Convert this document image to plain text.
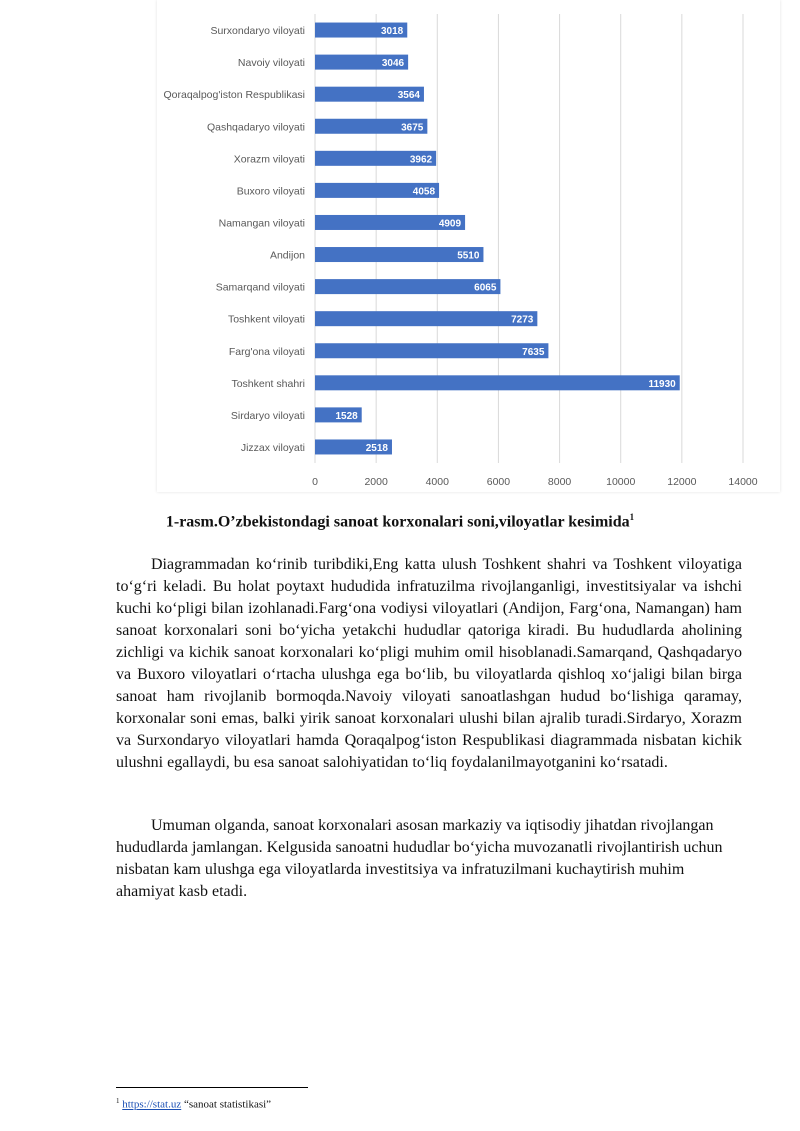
0	2000	4000	6000	8000	10000	12000	14000
Surxondaryo viloyati	3018
Navoiy viloyati	3046
Qoraqalpog'iston Respublikasi	3564
Qashqadaryo viloyati	3675
Xorazm viloyati	3962
Buxoro viloyati	4058
Namangan viloyati	4909
Andijon	5510
Samarqand viloyati	6065
Toshkent viloyati	7273
Farg'ona viloyati	7635
Toshkent shahri	11930
Sirdaryo viloyati	1528
Jizzax viloyati	2518
1-rasm.O’zbekistondagi sanoat korxonalari soni,viloyatlar kesimida$^1$

Diagrammadan ko‘rinib turibdiki,Eng katta ulush Toshkent shahri va Toshkent viloyatiga to‘g‘ri keladi. Bu holat poytaxt hududida infratuzilma rivojlanganligi, investitsiyalar va ishchi kuchi ko‘pligi bilan izohlanadi.Farg‘ona vodiysi viloyatlari (Andijon, Farg‘ona, Namangan) ham sanoat korxonalari soni bo‘yicha yetakchi hududlar qatoriga kiradi. Bu hududlarda aholining zichligi va kichik sanoat korxonalari ko‘pligi muhim omil hisoblanadi.Samarqand, Qashqadaryo va Buxoro viloyatlari o‘rtacha ulushga ega bo‘lib, bu viloyatlarda qishloq xo‘jaligi bilan birga sanoat ham rivojlanib bormoqda.Navoiy viloyati sanoatlashgan hudud bo‘lishiga qaramay, korxonalar soni emas, balki yirik sanoat korxonalari ulushi bilan ajralib turadi.Sirdaryo, Xorazm va Surxondaryo viloyatlari hamda Qoraqalpog‘iston Respublikasi diagrammada nisbatan kichik ulushni egallaydi, bu esa sanoat salohiyatidan to‘liq foydalanilmayotganini ko‘rsatadi.

Umuman olganda, sanoat korxonalari asosan markaziy va iqtisodiy jihatdan rivojlangan hududlarda jamlangan. Kelgusida sanoatni hududlar bo‘yicha muvozanatli rivojlantirish uchun nisbatan kam ulushga ega viloyatlarda investitsiya va infratuzilmani kuchaytirish muhim ahamiyat kasb etadi.

$^1$ https://stat.uz “sanoat statistikasi”
